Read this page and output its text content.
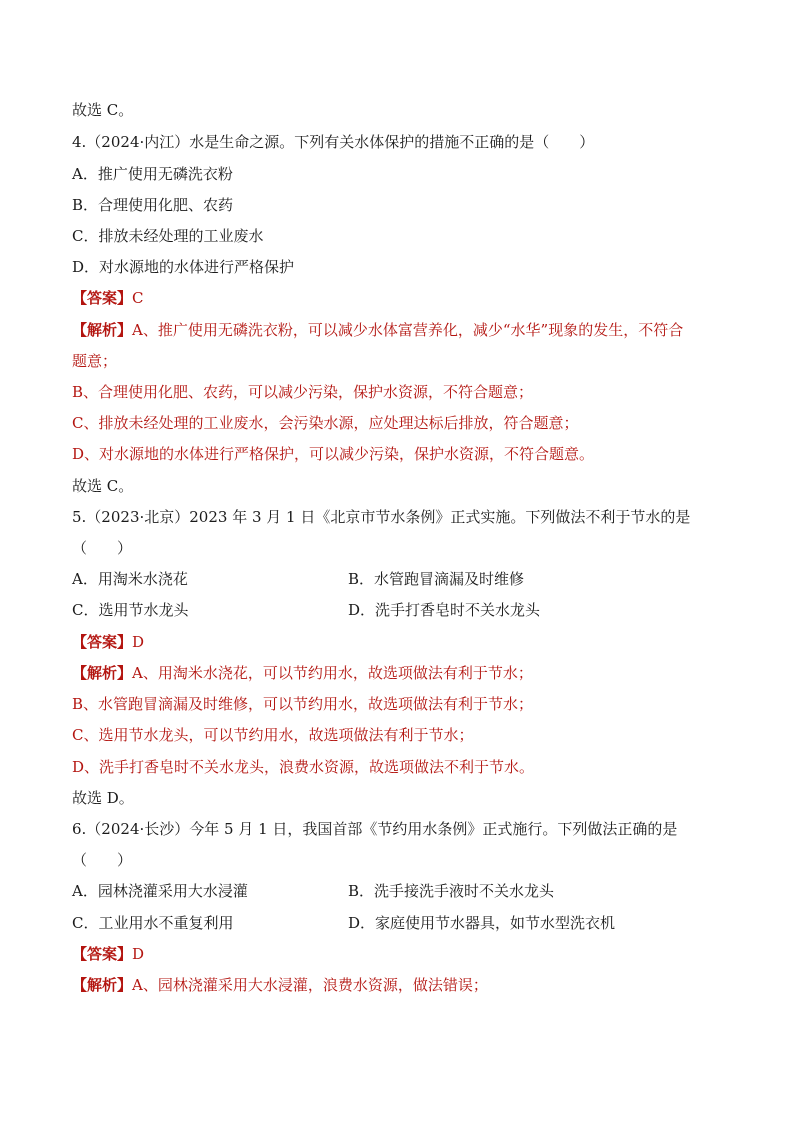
故选 C。
4.（2024·内江）水是生命之源。下列有关水体保护的措施不正确的是（　　）
A．推广使用无磷洗衣粉
B．合理使用化肥、农药
C．排放未经处理的工业废水
D．对水源地的水体进行严格保护
【答案】C
【解析】A、推广使用无磷洗衣粉，可以减少水体富营养化，减少“水华”现象的发生，不符合
题意；
B、合理使用化肥、农药，可以减少污染，保护水资源，不符合题意；
C、排放未经处理的工业废水，会污染水源，应处理达标后排放，符合题意；
D、对水源地的水体进行严格保护，可以减少污染，保护水资源，不符合题意。
故选 C。
5.（2023·北京）2023 年 3 月 1 日《北京市节水条例》正式实施。下列做法不利于节水的是
（　　）
A．用淘米水浇花	B．水管跑冒滴漏及时维修
C．选用节水龙头	D．洗手打香皂时不关水龙头
【答案】D
【解析】A、用淘米水浇花，可以节约用水，故选项做法有利于节水；
B、水管跑冒滴漏及时维修，可以节约用水，故选项做法有利于节水；
C、选用节水龙头，可以节约用水，故选项做法有利于节水；
D、洗手打香皂时不关水龙头，浪费水资源，故选项做法不利于节水。
故选 D。
6.（2024·长沙）今年 5 月 1 日，我国首部《节约用水条例》正式施行。下列做法正确的是
（　　）
A．园林浇灌采用大水浸灌	B．洗手接洗手液时不关水龙头
C．工业用水不重复利用	D．家庭使用节水器具，如节水型洗衣机
【答案】D
【解析】A、园林浇灌采用大水浸灌，浪费水资源，做法错误；
